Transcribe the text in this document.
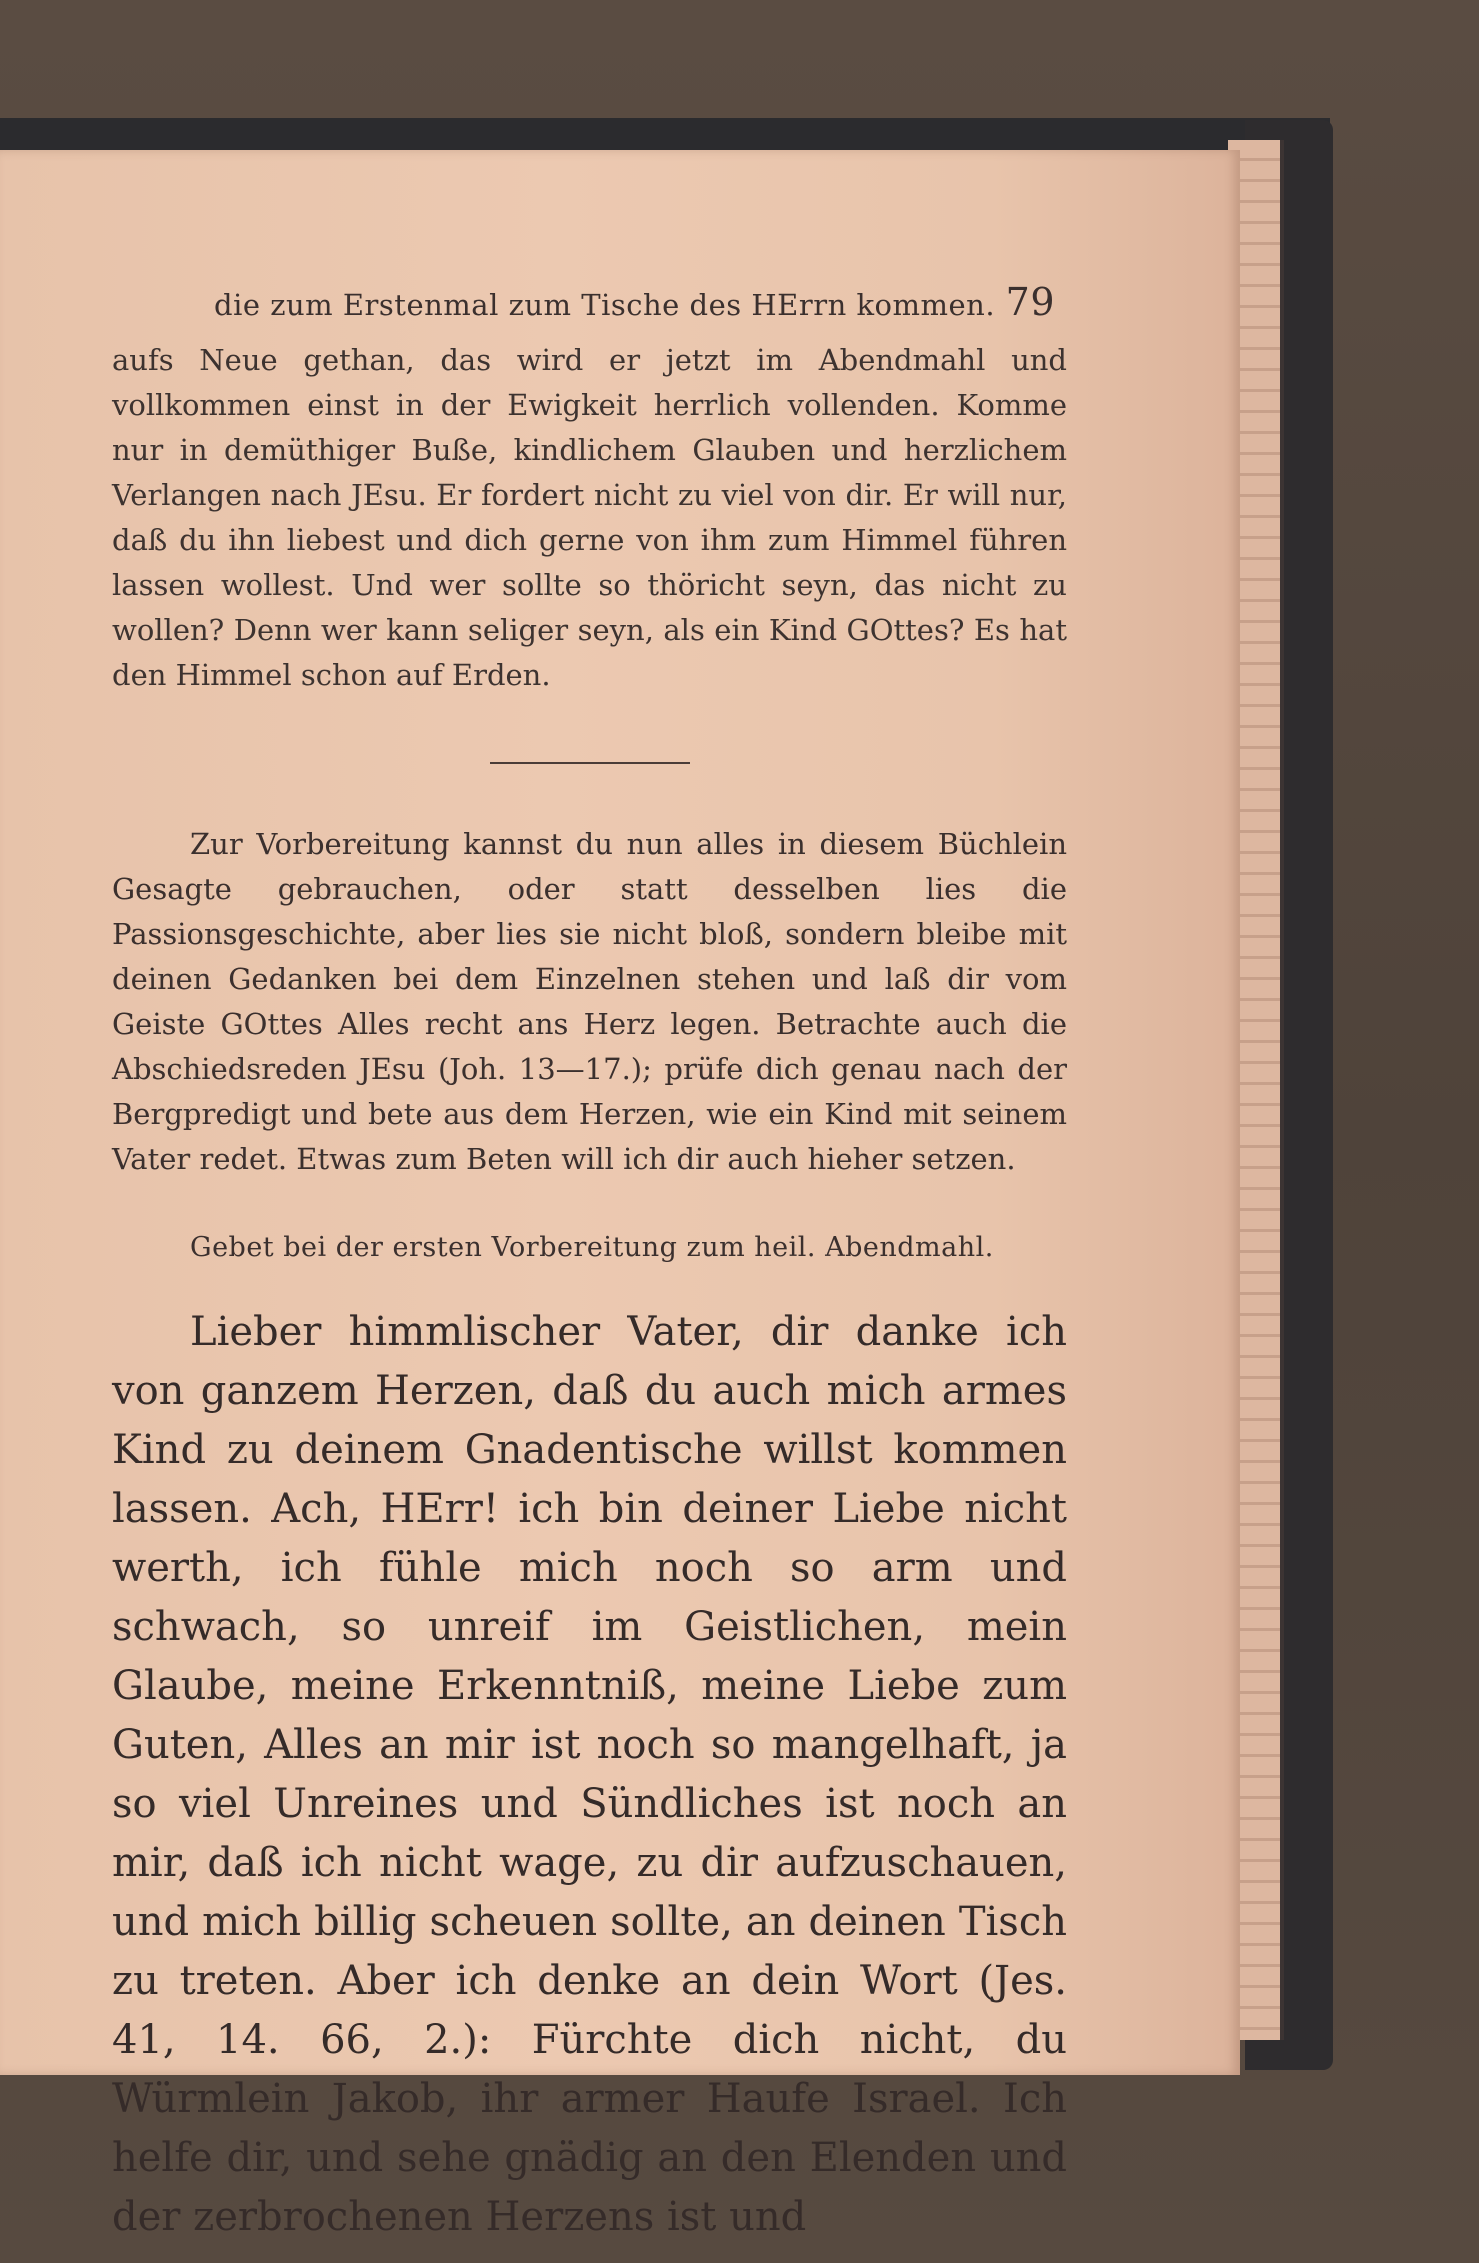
die zum Erstenmal zum Tische des HErrn kommen. 79

aufs Neue gethan, das wird er jetzt im Abendmahl und vollkommen einst in der Ewigkeit herrlich vollenden. Komme nur in demüthiger Buße, kindlichem Glauben und herzlichem Verlangen nach JEsu. Er fordert nicht zu viel von dir. Er will nur, daß du ihn liebest und dich gerne von ihm zum Himmel führen lassen wollest. Und wer sollte so thöricht seyn, das nicht zu wollen? Denn wer kann seliger seyn, als ein Kind GOttes? Es hat den Himmel schon auf Erden.

Zur Vorbereitung kannst du nun alles in diesem Büchlein Gesagte gebrauchen, oder statt desselben lies die Passionsgeschichte, aber lies sie nicht bloß, sondern bleibe mit deinen Gedanken bei dem Einzelnen stehen und laß dir vom Geiste GOttes Alles recht ans Herz legen. Betrachte auch die Abschiedsreden JEsu (Joh. 13—17.); prüfe dich genau nach der Bergpredigt und bete aus dem Herzen, wie ein Kind mit seinem Vater redet. Etwas zum Beten will ich dir auch hieher setzen.

Gebet bei der ersten Vorbereitung zum heil. Abendmahl.

Lieber himmlischer Vater, dir danke ich von ganzem Herzen, daß du auch mich armes Kind zu deinem Gnadentische willst kommen lassen. Ach, HErr! ich bin deiner Liebe nicht werth, ich fühle mich noch so arm und schwach, so unreif im Geistlichen, mein Glaube, meine Erkenntniß, meine Liebe zum Guten, Alles an mir ist noch so mangelhaft, ja so viel Unreines und Sündliches ist noch an mir, daß ich nicht wage, zu dir aufzuschauen, und mich billig scheuen sollte, an deinen Tisch zu treten. Aber ich denke an dein Wort (Jes. 41, 14. 66, 2.): Fürchte dich nicht, du Würmlein Jakob, ihr armer Haufe Israel. Ich helfe dir, und sehe gnädig an den Elenden und der zerbrochenen Herzens ist und
